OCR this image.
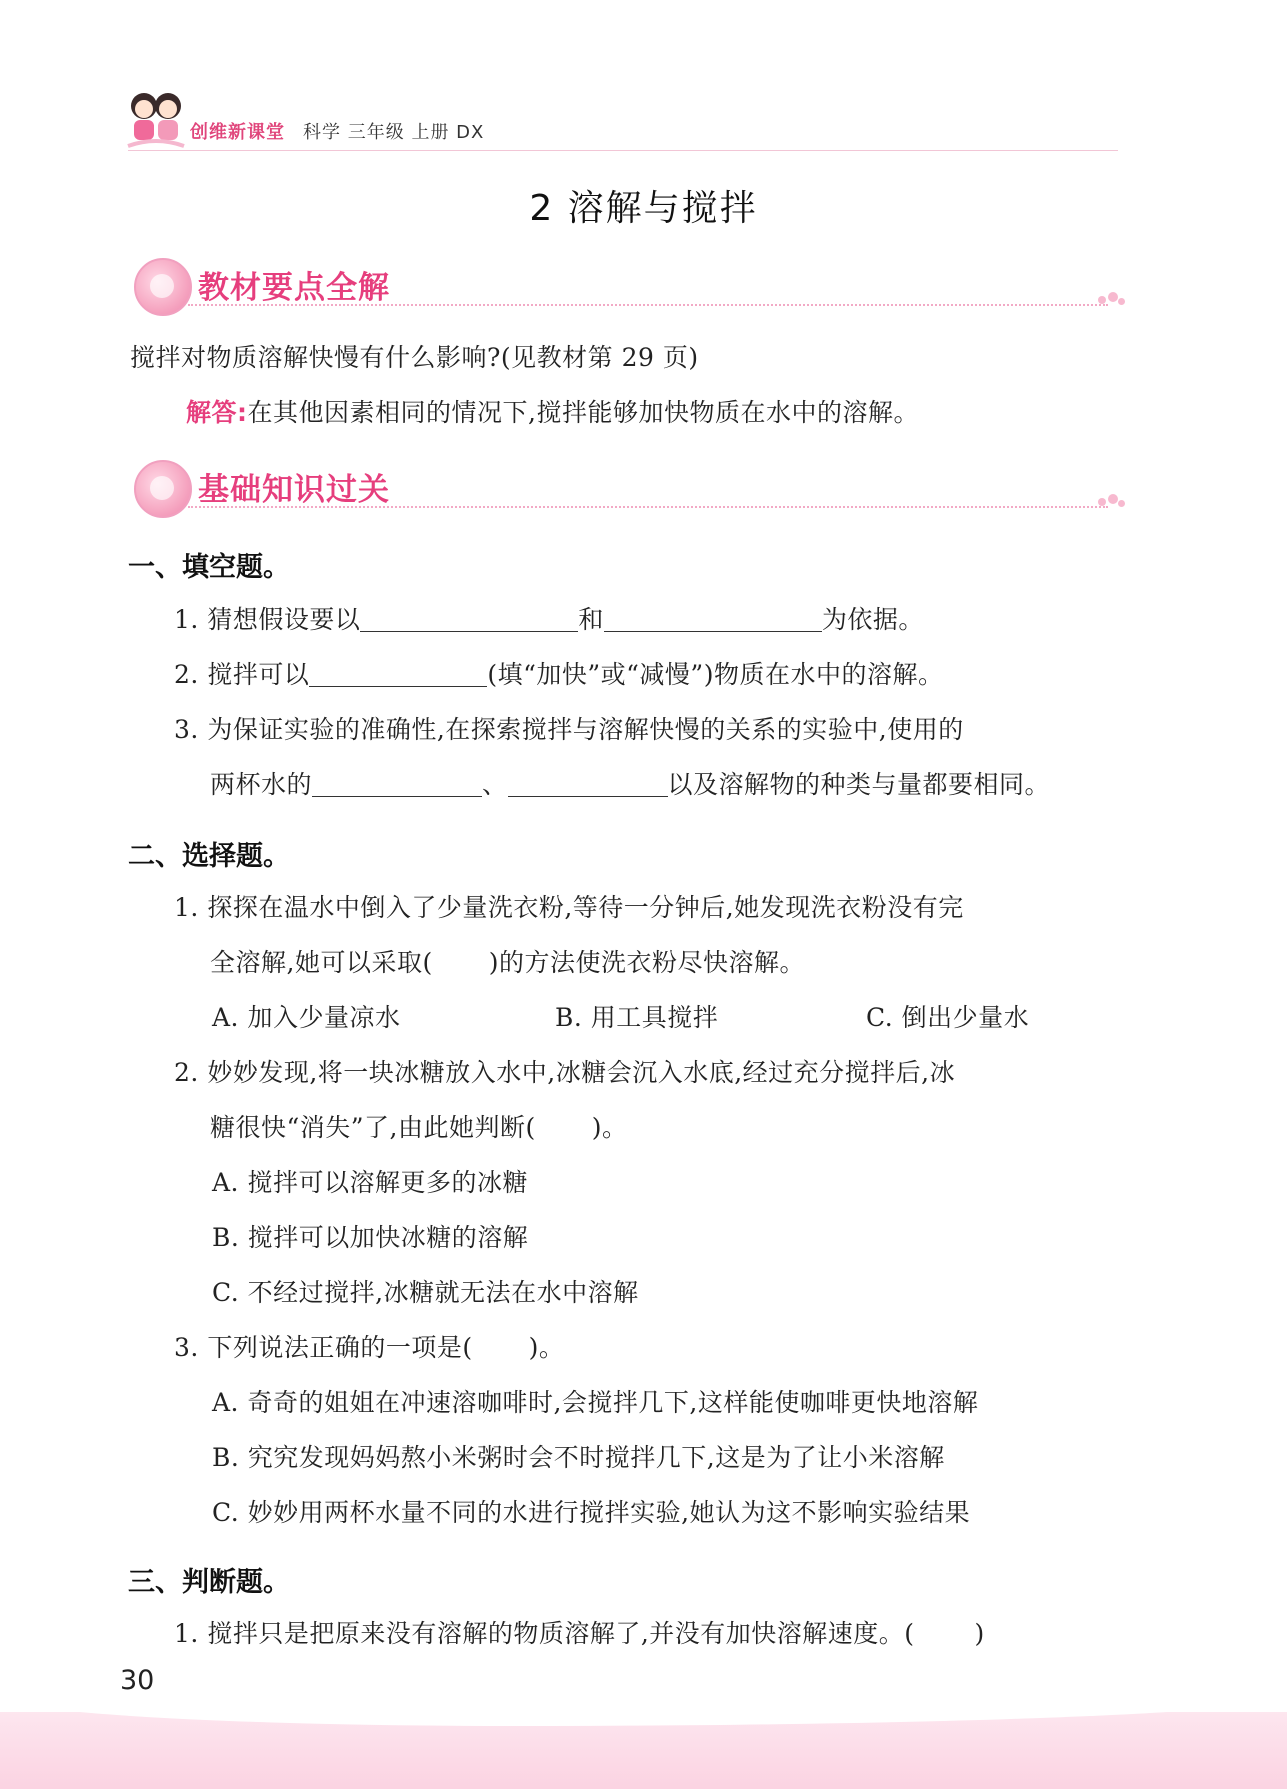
创维新课堂 科学 三年级 上册 DX
2 溶解与搅拌
教材要点全解
搅拌对物质溶解快慢有什么影响?(见教材第 29 页)
解答:在其他因素相同的情况下,搅拌能够加快物质在水中的溶解。
基础知识过关
一、填空题。
1. 猜想假设要以	和	为依据。
2. 搅拌可以	(填“加快”或“减慢”)物质在水中的溶解。
3. 为保证实验的准确性,在探索搅拌与溶解快慢的关系的实验中,使用的
两杯水的	、	以及溶解物的种类与量都要相同。
二、选择题。
1. 探探在温水中倒入了少量洗衣粉,等待一分钟后,她发现洗衣粉没有完
全溶解,她可以采取( )的方法使洗衣粉尽快溶解。
A. 加入少量凉水	B. 用工具搅拌	C. 倒出少量水
2. 妙妙发现,将一块冰糖放入水中,冰糖会沉入水底,经过充分搅拌后,冰
糖很快“消失”了,由此她判断( )。
A. 搅拌可以溶解更多的冰糖
B. 搅拌可以加快冰糖的溶解
C. 不经过搅拌,冰糖就无法在水中溶解
3. 下列说法正确的一项是( )。
A. 奇奇的姐姐在冲速溶咖啡时,会搅拌几下,这样能使咖啡更快地溶解
B. 究究发现妈妈熬小米粥时会不时搅拌几下,这是为了让小米溶解
C. 妙妙用两杯水量不同的水进行搅拌实验,她认为这不影响实验结果
三、判断题。
1. 搅拌只是把原来没有溶解的物质溶解了,并没有加快溶解速度。( )
30
